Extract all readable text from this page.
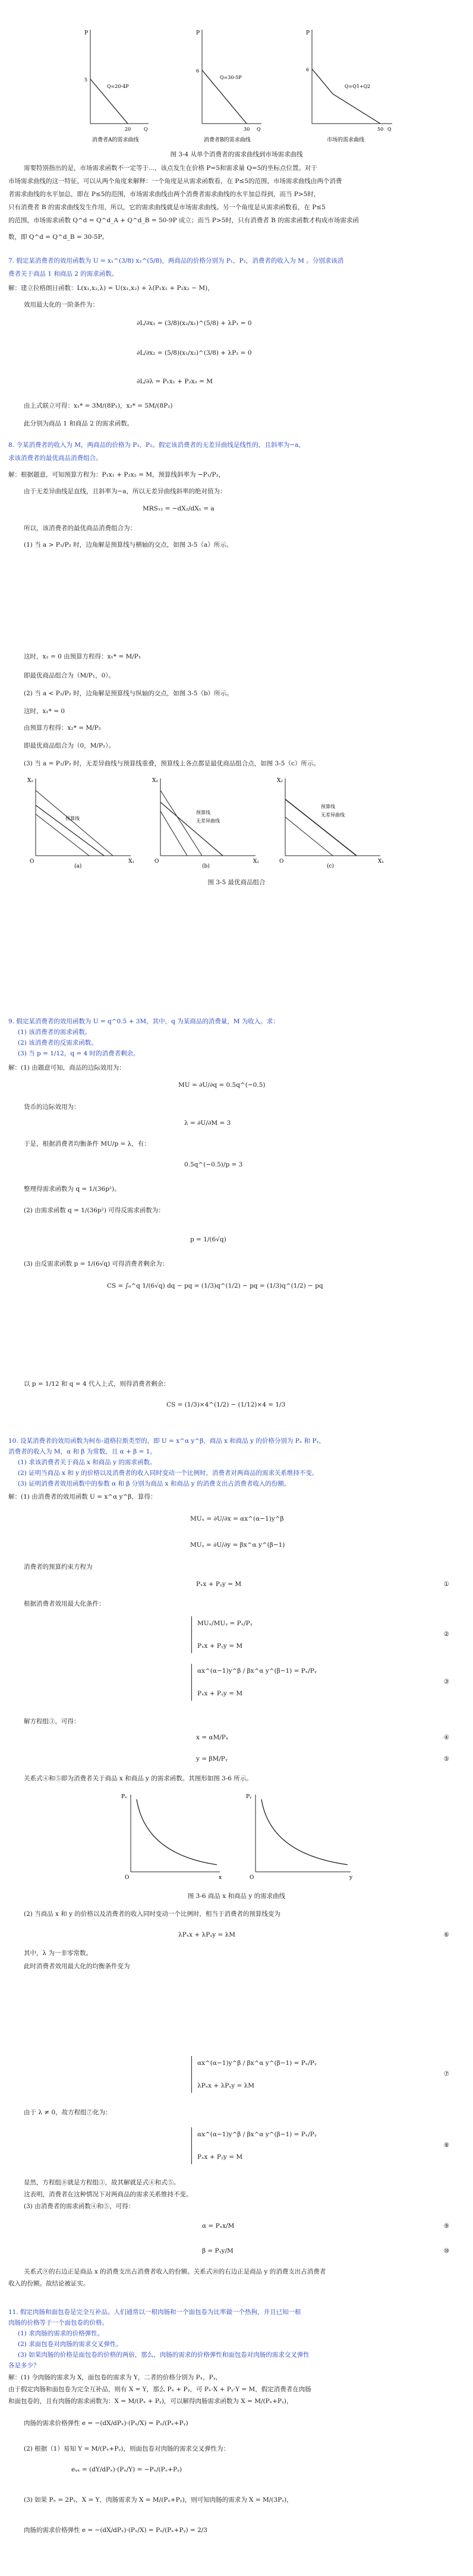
P
5
20	Q
Q=20-4P
消费者A的需求曲线
P
6
30 Q
Q=30-5P
消费者B的需求曲线
P
6
50 Q
Q=Q1+Q2
市场的需求曲线
图 3-4 从单个消费者的需求曲线到市场需求曲线
需要特别指出的是，市场需求函数不一定等于...，该点发生在价格 P=5和需求量 Q=5的坐标点位置。对于
市场需求曲线的这一特征，可以从两个角度来解释：一个角度是从需求函数看，在 P≤5的范围，市场需求曲线由两个消费
者需求曲线的水平加总，即在 P≤5的范围，市场需求曲线由两个消费者需求曲线的水平加总得到，而当 P>5时，
只有消费者 B 的需求曲线发生作用，所以，它的需求曲线就是市场需求曲线。另一个角度是从需求函数看，在 P≤5
的范围，市场需求函数 Q^d = Q^d_A + Q^d_B = 50-9P 成立；而当 P>5时，只有消费者 B 的需求函数才构成市场需求函
数，即 Q^d = Q^d_B = 30-5P。
7. 假定某消费者的效用函数为 U = x₁^(3/8) x₂^(5/8)，两商品的价格分别为 P₁，P₂，消费者的收入为 M 。分别求该消
费者关于商品 1 和商品 2 的需求函数。
解：建立拉格朗日函数：L(x₁,x₂,λ) = U(x₁,x₂) + λ(P₁x₁ + P₂x₂ − M)，
效用最大化的一阶条件为：
∂L/∂x₁ = (3/8)(x₂/x₁)^(5/8) + λP₁ = 0
∂L/∂x₂ = (5/8)(x₁/x₂)^(3/8) + λP₂ = 0
∂L/∂λ = P₁x₁ + P₂x₂ = M
由上式联立可得：x₁* = 3M/(8P₁)，x₂* = 5M/(8P₂)
此分别为商品 1 和商品 2 的需求函数。
8. 令某消费者的收入为 M，两商品的价格为 P₁，P₂。假定该消费者的无差异曲线是线性的，且斜率为−a，
求该消费者的最优商品消费组合。
解：根据题意，可知预算方程为：P₁x₁ + P₂x₂ = M，预算线斜率为 −P₁/P₂，
由于无差异曲线是直线，且斜率为−a，所以无差异曲线斜率的绝对值为：
MRS₁₂ = −dX₂/dX₁ = a
所以，该消费者的最优商品消费组合为：
(1) 当 a > P₁/P₂ 时，边角解是预算线与横轴的交点，如图 3-5（a）所示。
这时，x₂ = 0 由预算方程得：x₁* = M/P₁
即最优商品组合为（M/P₁，0）。
(2) 当 a < P₁/P₂ 时，边角解是预算线与纵轴的交点，如图 3-5（b）所示。
这时，x₁* = 0
由预算方程得：x₂* = M/P₂
即最优商品组合为（0，M/P₂）。
(3) 当 a = P₁/P₂ 时，无差异曲线与预算线重叠，预算线上各点都是最优商品组合点，如图 3-5（c）所示。
X₂
X₁
O
(a)
预算线
X₂
X₁
O
(b)
预算线
无差异曲线
X₂
X₁
O
(c)
预算线
无差异曲线
图 3-5 最优商品组合
9. 假定某消费者的效用函数为 U = q^0.5 + 3M，其中，q 为某商品的消费量，M 为收入。求：
(1) 该消费者的需求函数。
(2) 该消费者的反需求函数。
(3) 当 p = 1/12，q = 4 时的消费者剩余。
解：(1) 由题意可知，商品的边际效用为：
MU = ∂U/∂q = 0.5q^(−0.5)
货币的边际效用为：
λ = ∂U/∂M = 3
于是，根据消费者均衡条件 MU/p = λ，有：
0.5q^(−0.5)/p = 3
整理得需求函数为 q = 1/(36p²)。
(2) 由需求函数 q = 1/(36p²) 可得反需求函数为：
p = 1/(6√q)
(3) 由反需求函数 p = 1/(6√q) 可得消费者剩余为：
CS = ∫₀^q 1/(6√q) dq − pq = (1/3)q^(1/2) − pq = (1/3)q^(1/2) − pq
以 p = 1/12 和 q = 4 代入上式，则得消费者剩余：
CS = (1/3)×4^(1/2) − (1/12)×4 = 1/3
10. 设某消费者的效用函数为柯布-道格拉斯类型的，即 U = x^α y^β，商品 x 和商品 y 的价格分别为 Pₓ 和 Pᵧ，
消费者的收入为 M，α 和 β 为常数，且 α + β = 1。
(1) 求该消费者关于商品 x 和商品 y 的需求函数。
(2) 证明当商品 x 和 y 的价格以及消费者的收入同时变动一个比例时，消费者对两商品的需求关系维持不变。
(3) 证明消费者效用函数中的参数 α 和 β 分别为商品 x 和商品 y 的消费支出占消费者收入的份额。
解：(1) 由消费者的效用函数 U = x^α y^β，算得：
MUₓ = ∂U/∂x = αx^(α−1)y^β
MUᵧ = ∂U/∂y = βx^α y^(β−1)
消费者的预算约束方程为
Pₓx + Pᵧy = M	①
根据消费者效用最大化条件：
MUₓ/MUᵧ = Pₓ/Pᵧ
Pₓx + Pᵧy = M
②
αx^(α−1)y^β / βx^α y^(β−1) = Pₓ/Pᵧ
Pₓx + Pᵧy = M
③
解方程组③，可得：
x = αM/Pₓ	④
y = βM/Pᵧ	⑤
关系式④和⑤即为消费者关于商品 x 和商品 y 的需求函数。其图形如图 3-6 所示。
Pₓ
x
O
Pᵧ
y
O
图 3-6 商品 x 和商品 y 的需求曲线
(2) 当商品 x 和 y 的价格以及消费者的收入同时变动一个比例时，相当于消费者的预算线变为
λPₓx + λPᵧy = λM	⑥
其中，λ 为一非零常数。
此时消费者效用最大化的均衡条件变为
αx^(α−1)y^β / βx^α y^(β−1) = Pₓ/Pᵧ
λPₓx + λPᵧy = λM
⑦
由于 λ ≠ 0，故方程组⑦化为：
αx^(α−1)y^β / βx^α y^(β−1) = Pₓ/Pᵧ
Pₓx + Pᵧy = M
⑧
显然，方程组⑧就是方程组③，故其解就是式④和式⑤。
这表明，消费者在这种情况下对两商品的需求关系维持不变。
(3) 由消费者的需求函数④和⑤，可得：
α = Pₓx/M	⑨
β = Pᵧy/M	⑩
关系式⑨的右边正是商品 x 的消费支出占消费者收入的份额。关系式⑩的右边正是商品 y 的消费支出占消费者
收入的份额。故结论被证实。
11. 假定肉肠和面包卷是完全互补品。人们通常以一根肉肠和一个面包卷为比率做一个热狗，并且已知一根
肉肠的价格等于一个面包卷的价格。
(1) 求肉肠的需求的价格弹性。
(2) 求面包卷对肉肠的需求交叉弹性。
(3) 如果肉肠的价格是面包卷的价格的两倍，那么，肉肠的需求的价格弹性和面包卷对肉肠的需求交叉弹性
各是多少？
解：(1) 令肉肠的需求为 X，面包卷的需求为 Y，二者的价格分别为 Pₓ，Pᵧ，
由于假定肉肠和面包卷为完全互补品，则有 X = Y，那么 Pₓ + Pᵧ，可 Pₓ·X + Pᵧ·Y = M，假定消费者在肉肠
和面包卷的，且有肉肠的需求函数为：X = M/(Pₓ + Pᵧ)，可以解得肉肠需求函数为 X = M/(Pₓ+Pᵧ)，
肉肠的需求价格弹性 e = −(dX/dPₓ)·(Pₓ/X) = Pₓ/(Pₓ+Pᵧ)
(2) 根据（1）易知 Y = M/(Pₓ+Pᵧ)，则面包卷对肉肠的需求交叉弹性为：
eᵧₓ = (dY/dPₓ)·(Pₓ/Y) = −Pₓ/(Pₓ+Pᵧ)
(3) 如果 Pₓ = 2Pᵧ，X = Y，肉肠需求为 X = M/(Pₓ+Pᵧ)，则可知肉肠的需求为 X = M/(3Pᵧ)，
肉肠的需求价格弹性 e = −(dX/dPₓ)·(Pₓ/X) = Pₓ/(Pₓ+Pᵧ) = 2/3
